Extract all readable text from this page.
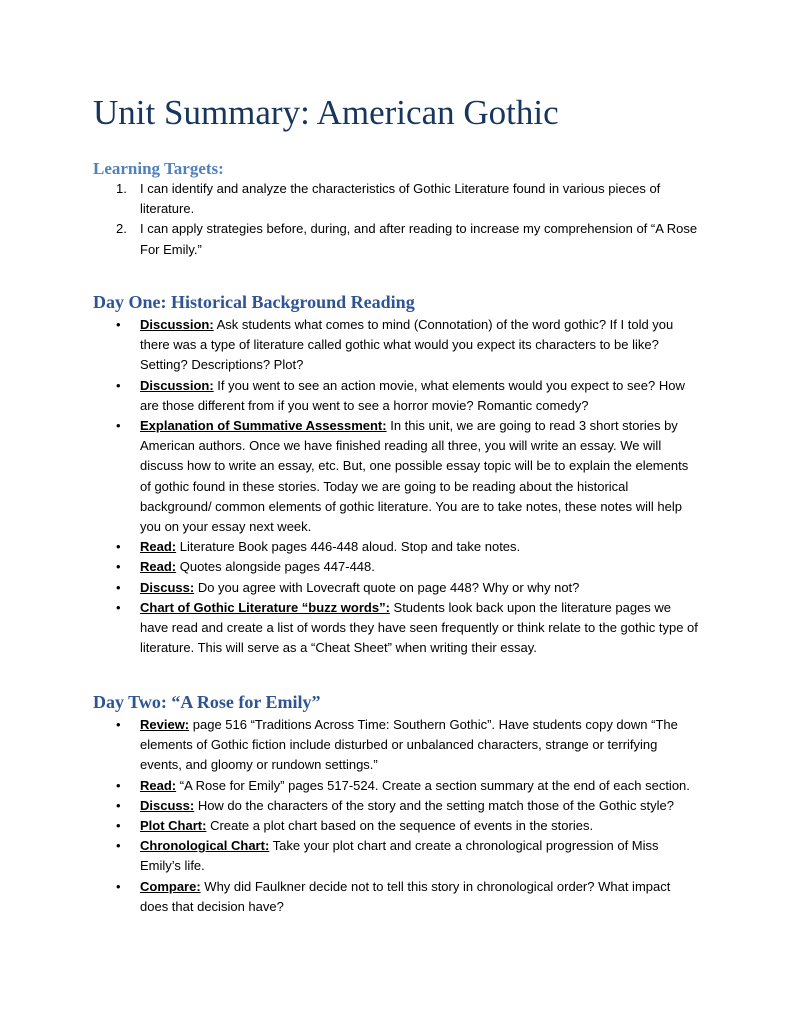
Unit Summary: American Gothic
Learning Targets:
1. I can identify and analyze the characteristics of Gothic Literature found in various pieces of literature.
2. I can apply strategies before, during, and after reading to increase my comprehension of “A Rose For Emily.”
Day One: Historical Background Reading
• Discussion: Ask students what comes to mind (Connotation) of the word gothic? If I told you there was a type of literature called gothic what would you expect its characters to be like? Setting? Descriptions? Plot?
• Discussion: If you went to see an action movie, what elements would you expect to see? How are those different from if you went to see a horror movie? Romantic comedy?
• Explanation of Summative Assessment: In this unit, we are going to read 3 short stories by American authors. Once we have finished reading all three, you will write an essay. We will discuss how to write an essay, etc. But, one possible essay topic will be to explain the elements of gothic found in these stories. Today we are going to be reading about the historical background/ common elements of gothic literature. You are to take notes, these notes will help you on your essay next week.
• Read: Literature Book pages 446-448 aloud. Stop and take notes.
• Read: Quotes alongside pages 447-448.
• Discuss: Do you agree with Lovecraft quote on page 448? Why or why not?
• Chart of Gothic Literature “buzz words”: Students look back upon the literature pages we have read and create a list of words they have seen frequently or think relate to the gothic type of literature. This will serve as a “Cheat Sheet” when writing their essay.
Day Two: “A Rose for Emily”
• Review: page 516 “Traditions Across Time: Southern Gothic”. Have students copy down “The elements of Gothic fiction include disturbed or unbalanced characters, strange or terrifying events, and gloomy or rundown settings.”
• Read: “A Rose for Emily” pages 517-524. Create a section summary at the end of each section.
• Discuss: How do the characters of the story and the setting match those of the Gothic style?
• Plot Chart: Create a plot chart based on the sequence of events in the stories.
• Chronological Chart: Take your plot chart and create a chronological progression of Miss Emily’s life.
• Compare: Why did Faulkner decide not to tell this story in chronological order? What impact does that decision have?
